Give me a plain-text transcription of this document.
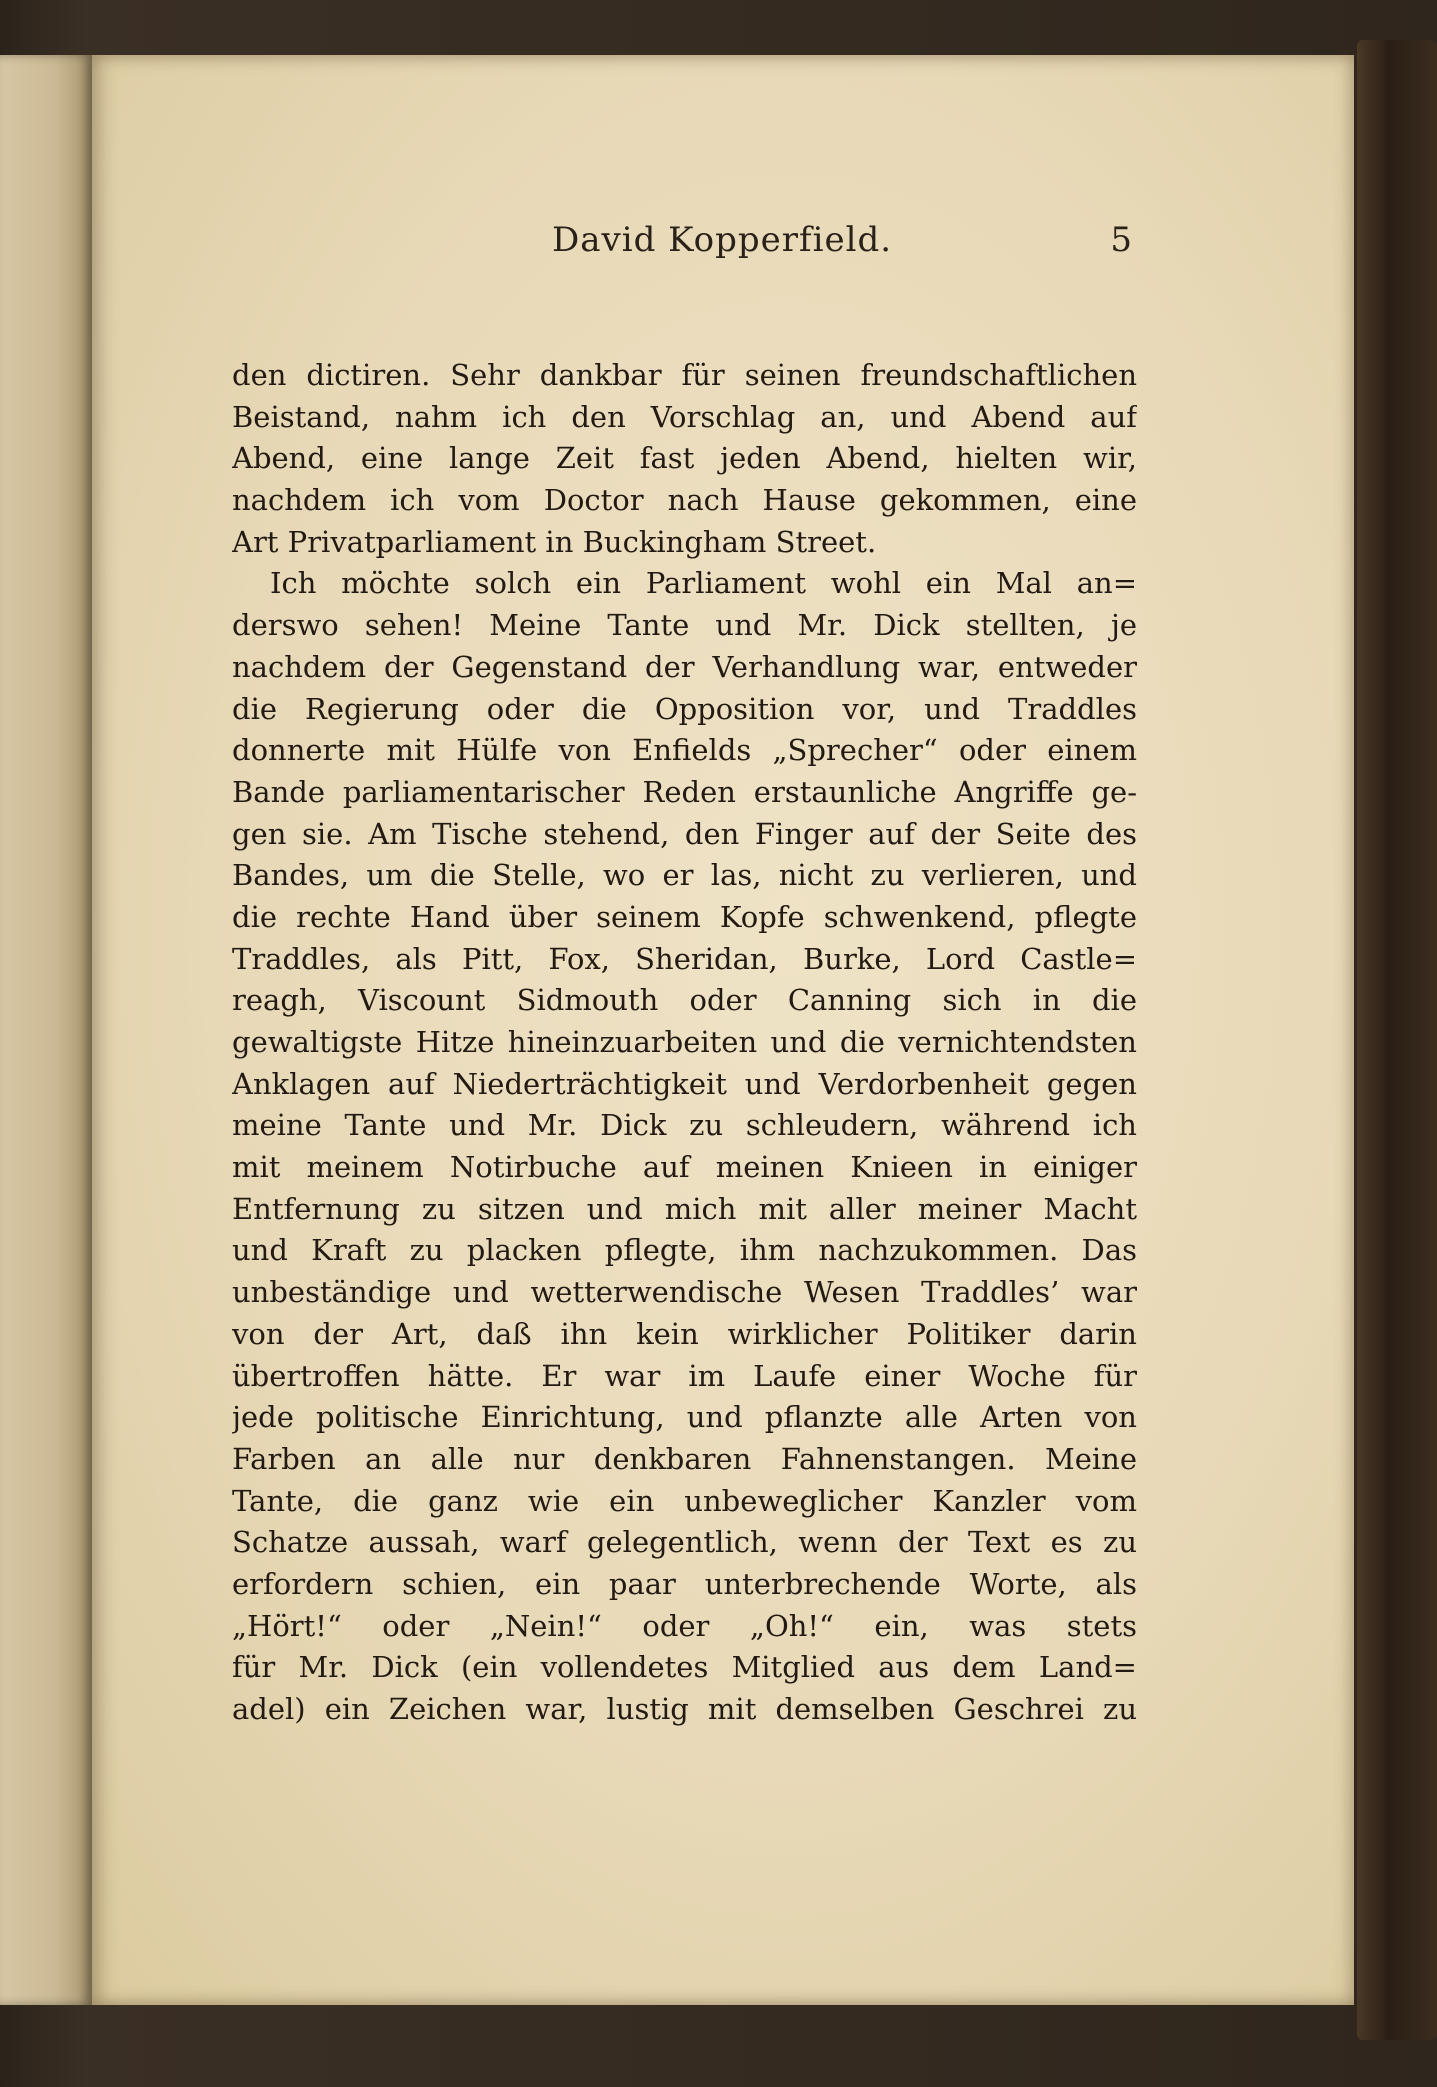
David Kopperfield.	5
den dictiren. Sehr dankbar für seinen freundschaftlichen
Beistand, nahm ich den Vorschlag an, und Abend auf
Abend, eine lange Zeit fast jeden Abend, hielten wir,
nachdem ich vom Doctor nach Hause gekommen, eine
Art Privatparliament in Buckingham Street.
Ich möchte solch ein Parliament wohl ein Mal an=
derswo sehen! Meine Tante und Mr. Dick stellten, je
nachdem der Gegenstand der Verhandlung war, entweder
die Regierung oder die Opposition vor, und Traddles
donnerte mit Hülfe von Enfields „Sprecher“ oder einem
Bande parliamentarischer Reden erstaunliche Angriffe ge-
gen sie. Am Tische stehend, den Finger auf der Seite des
Bandes, um die Stelle, wo er las, nicht zu verlieren, und
die rechte Hand über seinem Kopfe schwenkend, pflegte
Traddles, als Pitt, Fox, Sheridan, Burke, Lord Castle=
reagh, Viscount Sidmouth oder Canning sich in die
gewaltigste Hitze hineinzuarbeiten und die vernichtendsten
Anklagen auf Niederträchtigkeit und Verdorbenheit gegen
meine Tante und Mr. Dick zu schleudern, während ich
mit meinem Notirbuche auf meinen Knieen in einiger
Entfernung zu sitzen und mich mit aller meiner Macht
und Kraft zu placken pflegte, ihm nachzukommen. Das
unbeständige und wetterwendische Wesen Traddles’ war
von der Art, daß ihn kein wirklicher Politiker darin
übertroffen hätte. Er war im Laufe einer Woche für
jede politische Einrichtung, und pflanzte alle Arten von
Farben an alle nur denkbaren Fahnenstangen. Meine
Tante, die ganz wie ein unbeweglicher Kanzler vom
Schatze aussah, warf gelegentlich, wenn der Text es zu
erfordern schien, ein paar unterbrechende Worte, als
„Hört!“ oder „Nein!“ oder „Oh!“ ein, was stets
für Mr. Dick (ein vollendetes Mitglied aus dem Land=
adel) ein Zeichen war, lustig mit demselben Geschrei zu
